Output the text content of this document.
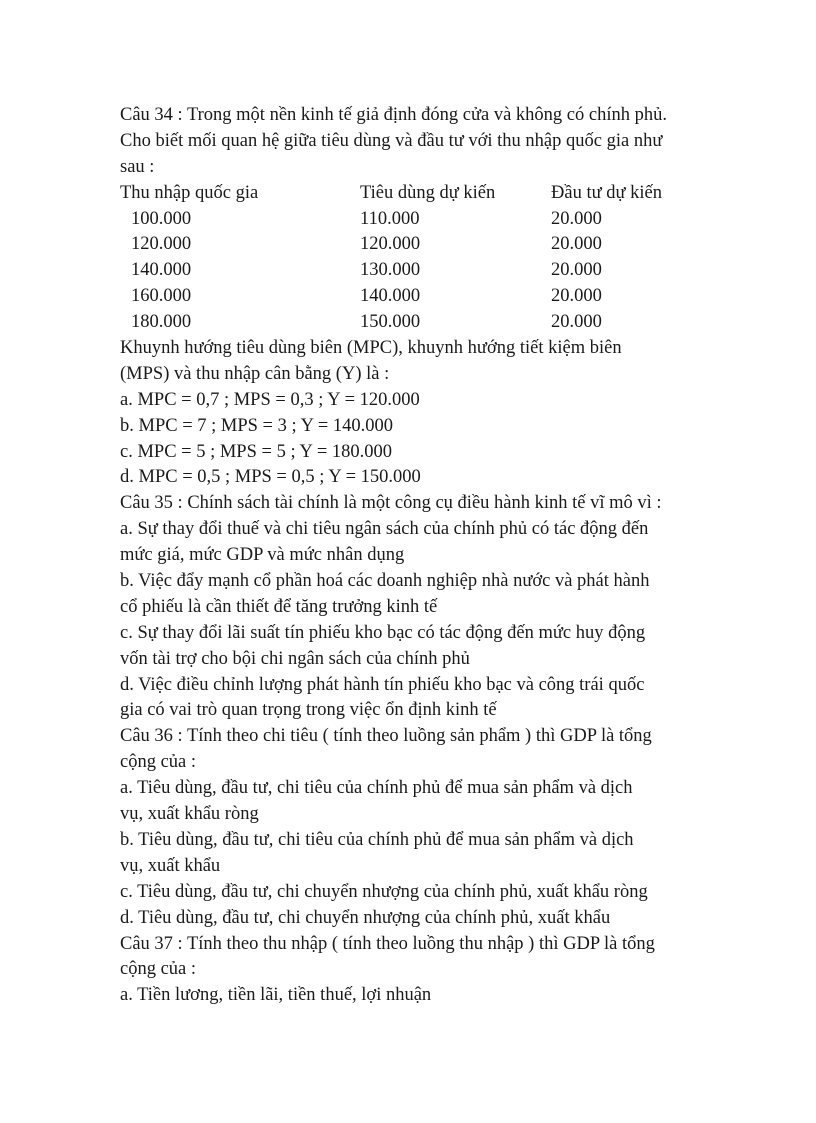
Câu 34 : Trong một nền kinh tế giả định đóng cửa và không có chính phủ.
Cho biết mối quan hệ giữa tiêu dùng và đầu tư với thu nhập quốc gia như
sau :
Thu nhập quốc gia	Tiêu dùng dự kiến	Đầu tư dự kiến
100.000	110.000	20.000
120.000	120.000	20.000
140.000	130.000	20.000
160.000	140.000	20.000
180.000	150.000	20.000
Khuynh hướng tiêu dùng biên (MPC), khuynh hướng tiết kiệm biên
(MPS) và thu nhập cân bằng (Y) là :
a. MPC = 0,7 ; MPS = 0,3 ; Y = 120.000
b. MPC = 7 ; MPS = 3 ; Y = 140.000
c. MPC = 5 ; MPS = 5 ; Y = 180.000
d. MPC = 0,5 ; MPS = 0,5 ; Y = 150.000
Câu 35 : Chính sách tài chính là một công cụ điều hành kinh tế vĩ mô vì :
a. Sự thay đổi thuế và chi tiêu ngân sách của chính phủ có tác động đến
mức giá, mức GDP và mức nhân dụng
b. Việc đẩy mạnh cổ phần hoá các doanh nghiệp nhà nước và phát hành
cổ phiếu là cần thiết để tăng trưởng kinh tế
c. Sự thay đổi lãi suất tín phiếu kho bạc có tác động đến mức huy động
vốn tài trợ cho bội chi ngân sách của chính phủ
d. Việc điều chỉnh lượng phát hành tín phiếu kho bạc và công trái quốc
gia có vai trò quan trọng trong việc ổn định kinh tế
Câu 36 : Tính theo chi tiêu ( tính theo luồng sản phẩm ) thì GDP là tổng
cộng của :
a. Tiêu dùng, đầu tư, chi tiêu của chính phủ để mua sản phẩm và dịch
vụ, xuất khẩu ròng
b. Tiêu dùng, đầu tư, chi tiêu của chính phủ để mua sản phẩm và dịch
vụ, xuất khẩu
c. Tiêu dùng, đầu tư, chi chuyển nhượng của chính phủ, xuất khẩu ròng
d. Tiêu dùng, đầu tư, chi chuyển nhượng của chính phủ, xuất khẩu
Câu 37 : Tính theo thu nhập ( tính theo luồng thu nhập ) thì GDP là tổng
cộng của :
a. Tiền lương, tiền lãi, tiền thuế, lợi nhuận
